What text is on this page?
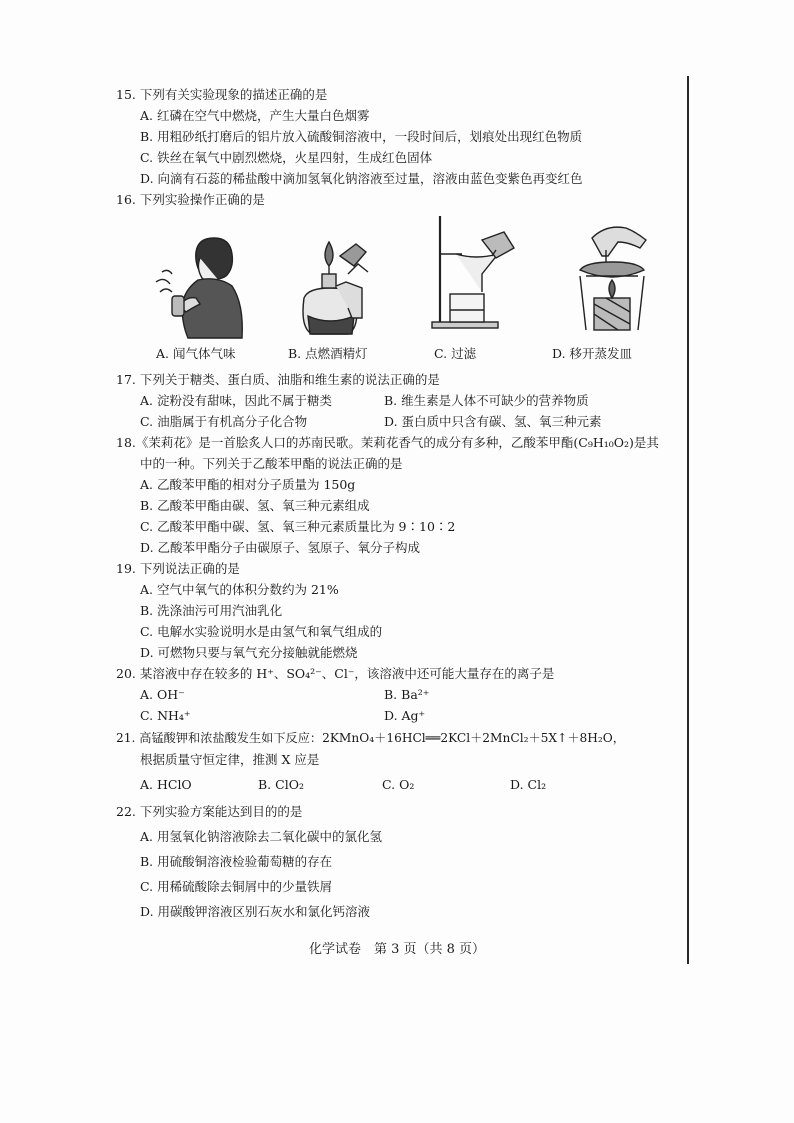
15. 下列有关实验现象的描述正确的是
A. 红磷在空气中燃烧，产生大量白色烟雾
B. 用粗砂纸打磨后的铝片放入硫酸铜溶液中，一段时间后，划痕处出现红色物质
C. 铁丝在氧气中剧烈燃烧，火星四射，生成红色固体
D. 向滴有石蕊的稀盐酸中滴加氢氧化钠溶液至过量，溶液由蓝色变紫色再变红色
16. 下列实验操作正确的是
A. 闻气体气味	B. 点燃酒精灯	C. 过滤	D. 移开蒸发皿
17. 下列关于糖类、蛋白质、油脂和维生素的说法正确的是
A. 淀粉没有甜味，因此不属于糖类	B. 维生素是人体不可缺少的营养物质
C. 油脂属于有机高分子化合物	D. 蛋白质中只含有碳、氢、氧三种元素
18.《茉莉花》是一首脍炙人口的苏南民歌。茉莉花香气的成分有多种，乙酸苯甲酯(C₉H₁₀O₂)是其
中的一种。下列关于乙酸苯甲酯的说法正确的是
A. 乙酸苯甲酯的相对分子质量为 150g
B. 乙酸苯甲酯由碳、氢、氧三种元素组成
C. 乙酸苯甲酯中碳、氢、氧三种元素质量比为 9∶10∶2
D. 乙酸苯甲酯分子由碳原子、氢原子、氧分子构成
19. 下列说法正确的是
A. 空气中氧气的体积分数约为 21%
B. 洗涤油污可用汽油乳化
C. 电解水实验说明水是由氢气和氧气组成的
D. 可燃物只要与氧气充分接触就能燃烧
20. 某溶液中存在较多的 H⁺、SO₄²⁻、Cl⁻，该溶液中还可能大量存在的离子是
A. OH⁻	B. Ba²⁺
C. NH₄⁺	D. Ag⁺
21. 高锰酸钾和浓盐酸发生如下反应：2KMnO₄＋16HCl══2KCl＋2MnCl₂＋5X↑＋8H₂O，
根据质量守恒定律，推测 X 应是
A. HClO	B. ClO₂	C. O₂	D. Cl₂
22. 下列实验方案能达到目的的是
A. 用氢氧化钠溶液除去二氧化碳中的氯化氢
B. 用硫酸铜溶液检验葡萄糖的存在
C. 用稀硫酸除去铜屑中的少量铁屑
D. 用碳酸钾溶液区别石灰水和氯化钙溶液
化学试卷　第 3 页（共 8 页）
